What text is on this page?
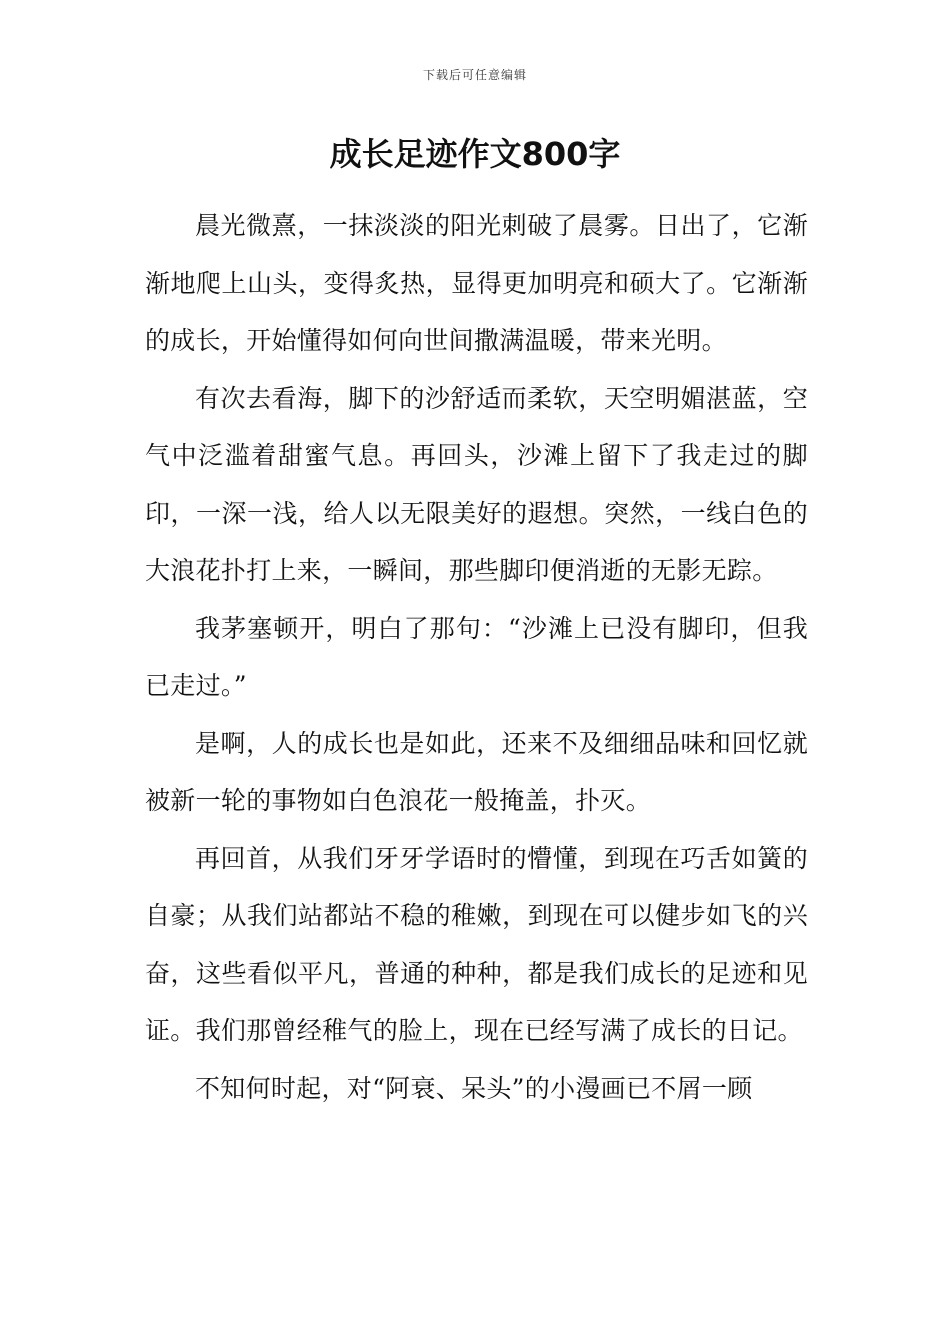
下载后可任意编辑
成长足迹作文800字

晨光微熹，一抹淡淡的阳光刺破了晨雾。日出了，它渐渐地爬上山头，变得炙热，显得更加明亮和硕大了。它渐渐的成长，开始懂得如何向世间撒满温暖，带来光明。

有次去看海，脚下的沙舒适而柔软，天空明媚湛蓝，空气中泛滥着甜蜜气息。再回头，沙滩上留下了我走过的脚印，一深一浅，给人以无限美好的遐想。突然，一线白色的大浪花扑打上来，一瞬间，那些脚印便消逝的无影无踪。

我茅塞顿开，明白了那句：“沙滩上已没有脚印，但我已走过。”

是啊，人的成长也是如此，还来不及细细品味和回忆就被新一轮的事物如白色浪花一般掩盖，扑灭。

再回首，从我们牙牙学语时的懵懂，到现在巧舌如簧的自豪；从我们站都站不稳的稚嫩，到现在可以健步如飞的兴奋，这些看似平凡，普通的种种，都是我们成长的足迹和见证。我们那曾经稚气的脸上，现在已经写满了成长的日记。

不知何时起，对“阿衰、呆头”的小漫画已不屑一顾
